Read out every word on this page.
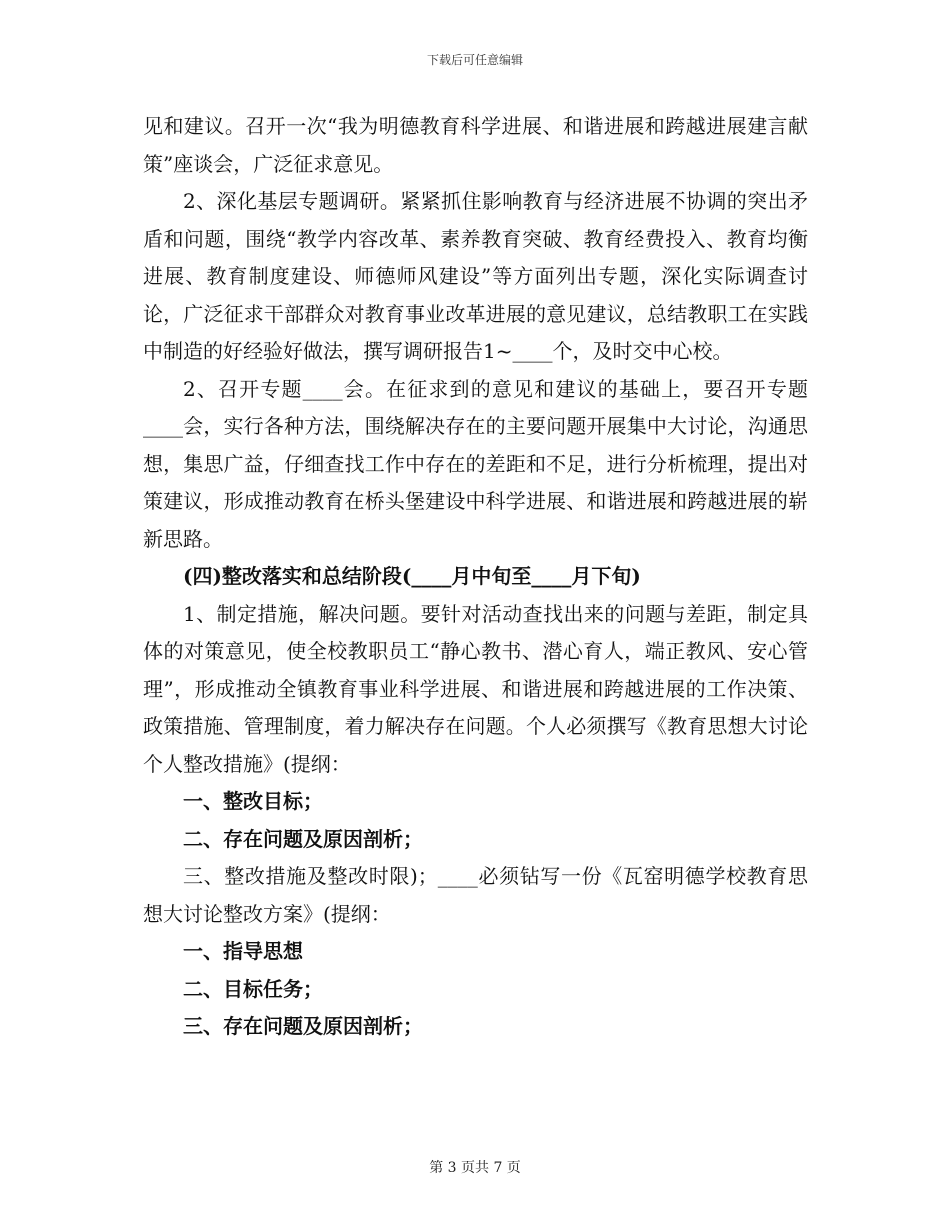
下载后可任意编辑

见和建议。召开一次“我为明德教育科学进展、和谐进展和跨越进展建言献策”座谈会，广泛征求意见。

2、深化基层专题调研。紧紧抓住影响教育与经济进展不协调的突出矛盾和问题，围绕“教学内容改革、素养教育突破、教育经费投入、教育均衡进展、教育制度建设、师德师风建设”等方面列出专题，深化实际调查讨论，广泛征求干部群众对教育事业改革进展的意见建议，总结教职工在实践中制造的好经验好做法，撰写调研报告1~____个，及时交中心校。

2、召开专题____会。在征求到的意见和建议的基础上，要召开专题____会，实行各种方法，围绕解决存在的主要问题开展集中大讨论，沟通思想，集思广益，仔细查找工作中存在的差距和不足，进行分析梳理，提出对策建议，形成推动教育在桥头堡建设中科学进展、和谐进展和跨越进展的崭新思路。

(四)整改落实和总结阶段(____月中旬至____月下旬)

1、制定措施，解决问题。要针对活动查找出来的问题与差距，制定具体的对策意见，使全校教职员工“静心教书、潜心育人，端正教风、安心管理”，形成推动全镇教育事业科学进展、和谐进展和跨越进展的工作决策、政策措施、管理制度，着力解决存在问题。个人必须撰写《教育思想大讨论个人整改措施》(提纲：

一、整改目标；

二、存在问题及原因剖析；

三、整改措施及整改时限)；____必须钻写一份《瓦窑明德学校教育思想大讨论整改方案》(提纲：

一、指导思想

二、目标任务；

三、存在问题及原因剖析；

第 3 页共 7 页
